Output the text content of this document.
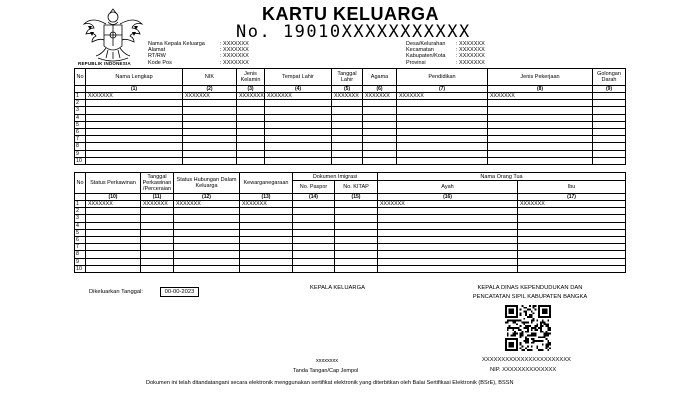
REPUBLIK INDONESIA
KARTU KELUARGA
No. 19010XXXXXXXXXXX
Nama Kepala Keluarga	: XXXXXXX
Alamat	: XXXXXXX
RT/RW	: XXXXXXX
Kode Pos	: XXXXXXX
Desa/Kelurahan	: XXXXXXX
Kecamatan	: XXXXXXX
Kabupaten/Kota	: XXXXXXX
Provinsi	: XXXXXXX
No	Nama Lengkap	NIK	Jenis Kelamin	Tempat Lahir	Tanggal Lahir	Agama	Pendidikan	Jenis Pekerjaan	Golongan Darah
	(1)	(2)	(3)	(4)	(5)	(6)	(7)	(8)	(9)
1	XXXXXXX	XXXXXXX	XXXXXXX	XXXXXXX	XXXXXXX	XXXXXXX	XXXXXXX	XXXXXXX	
2									
3									
4									
5									
6									
7									
8									
9									
10									
No	Status Perkawinan	Tanggal Perkawinan /Perceraian	Status Hubungan Dalam Keluarga	Kewarganegaraan	Dokumen Imigrasi		Nama Orang Tua	
					No. Paspor	No. KITAP	Ayah	Ibu
	(10)	(11)	(12)	(13)	(14)	(15)	(16)	(17)
1	XXXXXXX	XXXXXXX	XXXXXXX	XXXXXXX			XXXXXXX	XXXXXXX
2								
3								
4								
5								
6								
7								
8								
9								
10								
Dikeluarkan Tanggal:	00-00-2023
KEPALA KELUARGA	KEPALA DINAS KEPENDUDUKAN DAN
PENCATATAN SIPIL KABUPATEN BANGKA
xxxxxxxx
Tanda Tangan/Cap Jempol
XXXXXXXXXXXXXXXXXXXXXXX
NIP. XXXXXXXXXXXXXX
Dokumen ini telah ditandatangani secara elektronik menggunakan sertifikat elektronik yang diterbitkan oleh Balai Sertifikasi Elektronik (BSrE), BSSN
